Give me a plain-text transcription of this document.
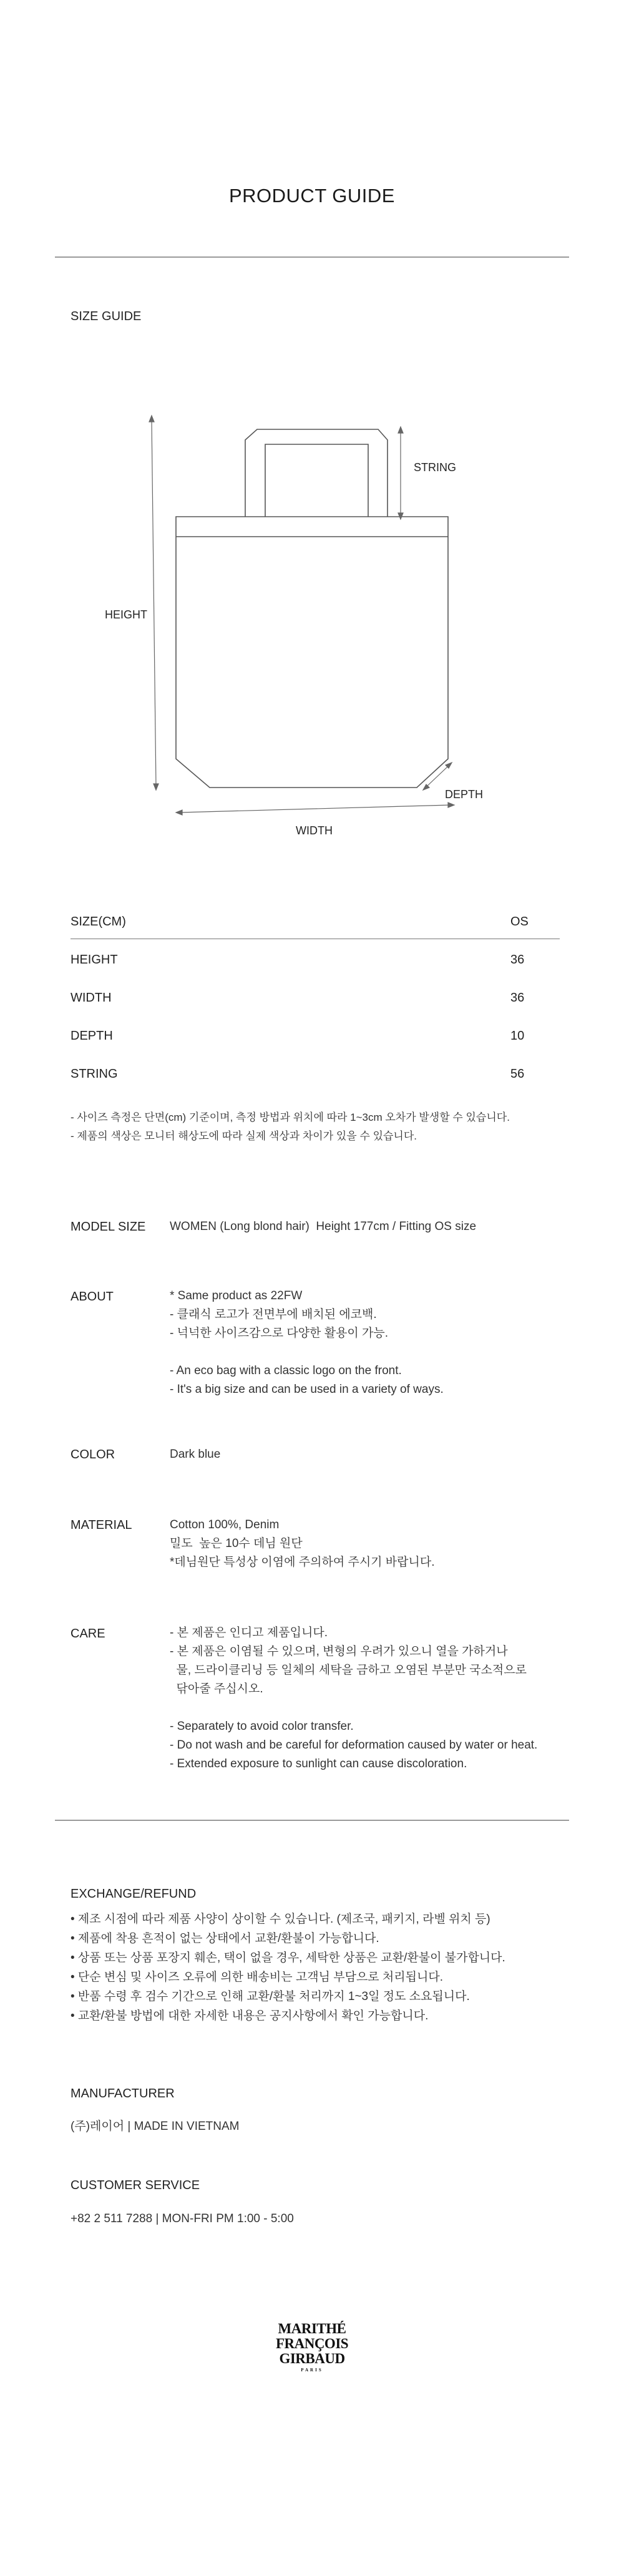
PRODUCT GUIDE
SIZE GUIDE
STRING
HEIGHT
DEPTH
WIDTH
SIZE(CM)	OS
HEIGHT	36
WIDTH	36
DEPTH	10
STRING	56
- 사이즈 측정은 단면(cm) 기준이며, 측정 방법과 위치에 따라 1~3cm 오차가 발생할 수 있습니다.
- 제품의 색상은 모니터 해상도에 따라 실제 색상과 차이가 있을 수 있습니다.
MODEL SIZE WOMEN (Long blond hair)  Height 177cm / Fitting OS size
ABOUT	* Same product as 22FW
- 클래식 로고가 전면부에 배치된 에코백.
- 넉넉한 사이즈감으로 다양한 활용이 가능.
- An eco bag with a classic logo on the front.
- It's a big size and can be used in a variety of ways.
COLOR	Dark blue
MATERIAL	Cotton 100%, Denim
밀도  높은 10수 데님 원단
*데님원단 특성상 이염에 주의하여 주시기 바랍니다.
CARE	- 본 제품은 인디고 제품입니다.
- 본 제품은 이염될 수 있으며, 변형의 우려가 있으니 열을 가하거나
물, 드라이클리닝 등 일체의 세탁을 금하고 오염된 부분만 국소적으로
닦아줄 주십시오.
- Separately to avoid color transfer.
- Do not wash and be careful for deformation caused by water or heat.
- Extended exposure to sunlight can cause discoloration.
EXCHANGE/REFUND
• 제조 시점에 따라 제품 사양이 상이할 수 있습니다. (제조국, 패키지, 라벨 위치 등)
• 제품에 착용 흔적이 없는 상태에서 교환/환불이 가능합니다.
• 상품 또는 상품 포장지 훼손, 택이 없을 경우, 세탁한 상품은 교환/환불이 불가합니다.
• 단순 변심 및 사이즈 오류에 의한 배송비는 고객님 부담으로 처리됩니다.
• 반품 수령 후 검수 기간으로 인해 교환/환불 처리까지 1~3일 정도 소요됩니다.
• 교환/환불 방법에 대한 자세한 내용은 공지사항에서 확인 가능합니다.
MANUFACTURER
(주)레이어 | MADE IN VIETNAM
CUSTOMER SERVICE
+82 2 511 7288 | MON-FRI PM 1:00 - 5:00
MARITHÉ
FRANÇOIS
GIRBAUD
PARIS
